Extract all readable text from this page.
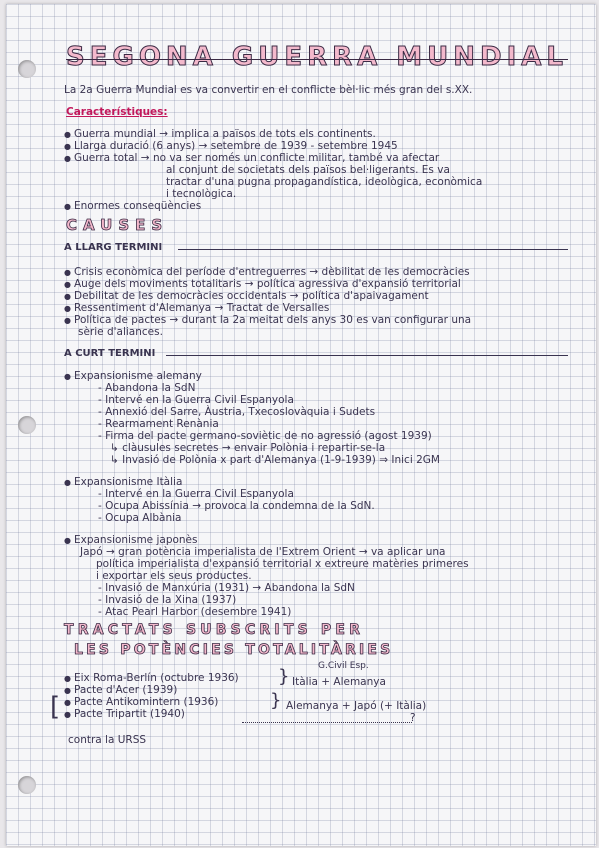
SEGONA GUERRA MUNDIAL
La 2a Guerra Mundial es va convertir en el conflicte bèl·lic més gran del s.XX.
Característiques:
● Guerra mundial → implica a països de tots els continents.
● Llarga duració (6 anys) → setembre de 1939 - setembre 1945
● Guerra total → no va ser només un conflicte militar, també va afectar
al conjunt de societats dels països bel·ligerants. Es va
tractar d'una pugna propagandística, ideològica, econòmica
i tecnològica.
● Enormes conseqüències
CAUSES
A LLARG TERMINI
● Crisis econòmica del període d'entreguerres → dèbilitat de les democràcies
● Auge dels moviments totalitaris → política agressiva d'expansió territorial
● Debilitat de les democràcies occidentals → política d'apaivagament
● Ressentiment d'Alemanya → Tractat de Versalles
● Política de pactes → durant la 2a meitat dels anys 30 es van configurar una
sèrie d'aliances.
A CURT TERMINI
● Expansionisme alemany
- Abandona la SdN
- Intervé en la Guerra Civil Espanyola
- Annexió del Sarre, Àustria, Txecoslovàquia i Sudets
- Rearmament Renània
- Firma del pacte germano-soviètic de no agressió (agost 1939)
↳ clàusules secretes → envair Polònia i repartir-se-la
↳ Invasió de Polònia x part d'Alemanya (1-9-1939) ⇒ Inici 2GM
● Expansionisme Itàlia
- Intervé en la Guerra Civil Espanyola
- Ocupa Abissínia → provoca la condemna de la SdN.
- Ocupa Albània
● Expansionisme japonès
Japó → gran potència imperialista de l'Extrem Orient → va aplicar una
política imperialista d'expansió territorial x extreure matèries primeres
i exportar els seus productes.
- Invasió de Manxúria (1931) → Abandona la SdN
- Invasió de la Xina (1937)
- Atac Pearl Harbor (desembre 1941)
TRACTATS SUBSCRITS PER
LES POTÈNCIES TOTALITÀRIES
G.Civil Esp.
● Eix Roma-Berlín (octubre 1936)
● Pacte d'Acer (1939)
} Itàlia + Alemanya
● Pacte Antikomintern (1936)
● Pacte Tripartit (1940)
} Alemanya + Japó (+ Itàlia)
?
[
contra la URSS
